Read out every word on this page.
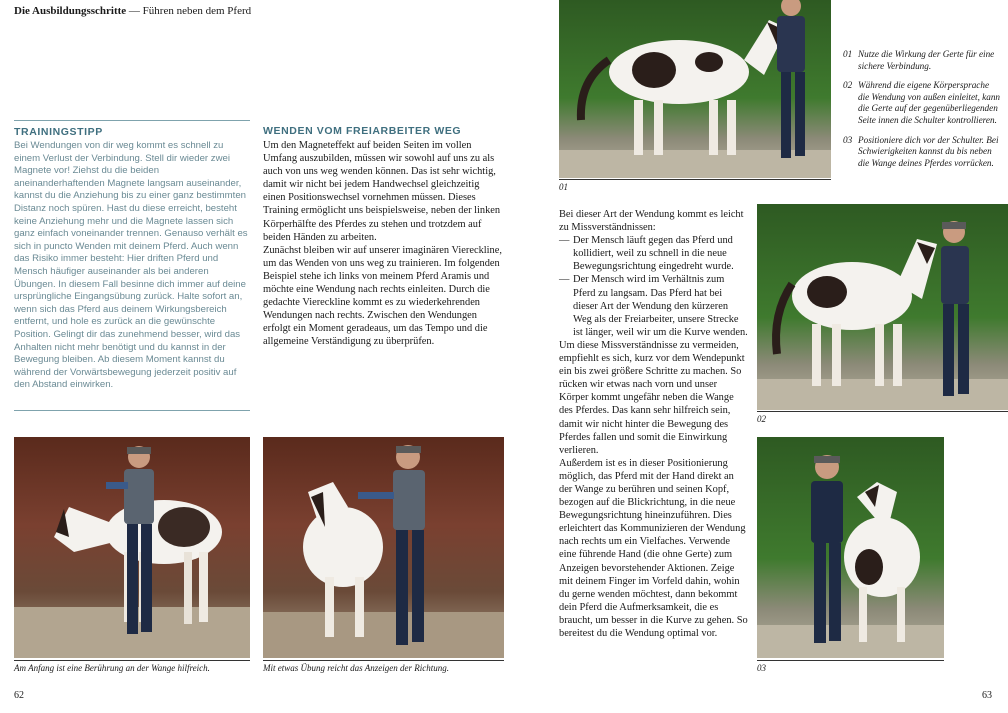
Die Ausbildungsschritte — Führen neben dem Pferd
TRAININGSTIPP

Bei Wendungen von dir weg kommt es schnell zu einem Verlust der Verbindung. Stell dir wieder zwei Magnete vor! Ziehst du die beiden aneinanderhaftenden Magnete langsam auseinander, kannst du die Anziehung bis zu einer ganz bestimmten Distanz noch spüren. Hast du diese erreicht, besteht keine Anziehung mehr und die Magnete lassen sich ganz einfach voneinander trennen. Genauso verhält es sich in puncto Wenden mit deinem Pferd. Auch wenn das Risiko immer besteht: Hier driften Pferd und Mensch häufiger auseinander als bei anderen Übungen. In diesem Fall besinne dich immer auf deine ursprüngliche Eingangsübung zurück. Halte sofort an, wenn sich das Pferd aus deinem Wirkungsbereich entfernt, und hole es zurück an die gewünschte Position. Gelingt dir das zunehmend besser, wird das Anhalten nicht mehr benötigt und du kannst in der Bewegung bleiben. Ab diesem Moment kannst du während der Vorwärtsbewegung jederzeit positiv auf den Abstand einwirken.

WENDEN VOM FREIARBEITER WEG

Um den Magneteffekt auf beiden Seiten im vollen Umfang auszubilden, müssen wir sowohl auf uns zu als auch von uns weg wenden können. Das ist sehr wichtig, damit wir nicht bei jedem Handwechsel gleichzeitig einen Positionswechsel vornehmen müssen. Dieses Training ermöglicht uns beispielsweise, neben der linken Körperhälfte des Pferdes zu stehen und trotzdem auf beiden Händen zu arbeiten.

Zunächst bleiben wir auf unserer imaginären Viereckline, um das Wenden von uns weg zu trainieren. Im folgenden Beispiel stehe ich links von meinem Pferd Aramis und möchte eine Wendung nach rechts einleiten. Durch die gedachte Viereckline kommt es zu wiederkehrenden Wendungen nach rechts. Zwischen den Wendungen erfolgt ein Moment geradeaus, um das Tempo und die allgemeine Verständigung zu überprüfen.

Bei dieser Art der Wendung kommt es leicht zu Missverständnissen:

— Der Mensch läuft gegen das Pferd und kollidiert, weil zu schnell in die neue Bewegungsrichtung eingedreht wurde.
— Der Mensch wird im Verhältnis zum Pferd zu langsam. Das Pferd hat bei dieser Art der Wendung den kürzeren Weg als der Freiarbeiter, unsere Strecke ist länger, weil wir um die Kurve wenden.

Um diese Missverständnisse zu vermeiden, empfiehlt es sich, kurz vor dem Wendepunkt ein bis zwei größere Schritte zu machen. So rücken wir etwas nach vorn und unser Körper kommt ungefähr neben die Wange des Pferdes. Das kann sehr hilfreich sein, damit wir nicht hinter die Bewegung des Pferdes fallen und somit die Einwirkung verlieren.

Außerdem ist es in dieser Positionierung möglich, das Pferd mit der Hand direkt an der Wange zu berühren und seinen Kopf, bezogen auf die Blickrichtung, in die neue Bewegungsrichtung hineinzuführen. Dies erleichtert das Kommunizieren der Wendung nach rechts um ein Vielfaches. Verwende eine führende Hand (die ohne Gerte) zum Anzeigen bevorstehender Aktionen. Zeige mit deinem Finger im Vorfeld dahin, wohin du gerne wenden möchtest, dann bekommt dein Pferd die Aufmerksamkeit, die es braucht, um besser in die Kurve zu gehen. So bereitest du die Wendung optimal vor.

Am Anfang ist eine Berührung an der Wange hilfreich.	Mit etwas Übung reicht das Anzeigen der Richtung.
01
02
03
01 Nutze die Wirkung der Gerte für eine sichere Verbindung.
02 Während die eigene Körpersprache die Wendung von außen einleitet, kann die Gerte auf der gegenüberliegenden Seite innen die Schulter kontrollieren.
03 Positioniere dich vor der Schulter. Bei Schwierigkeiten kannst du bis neben die Wange deines Pferdes vorrücken.
62	63
